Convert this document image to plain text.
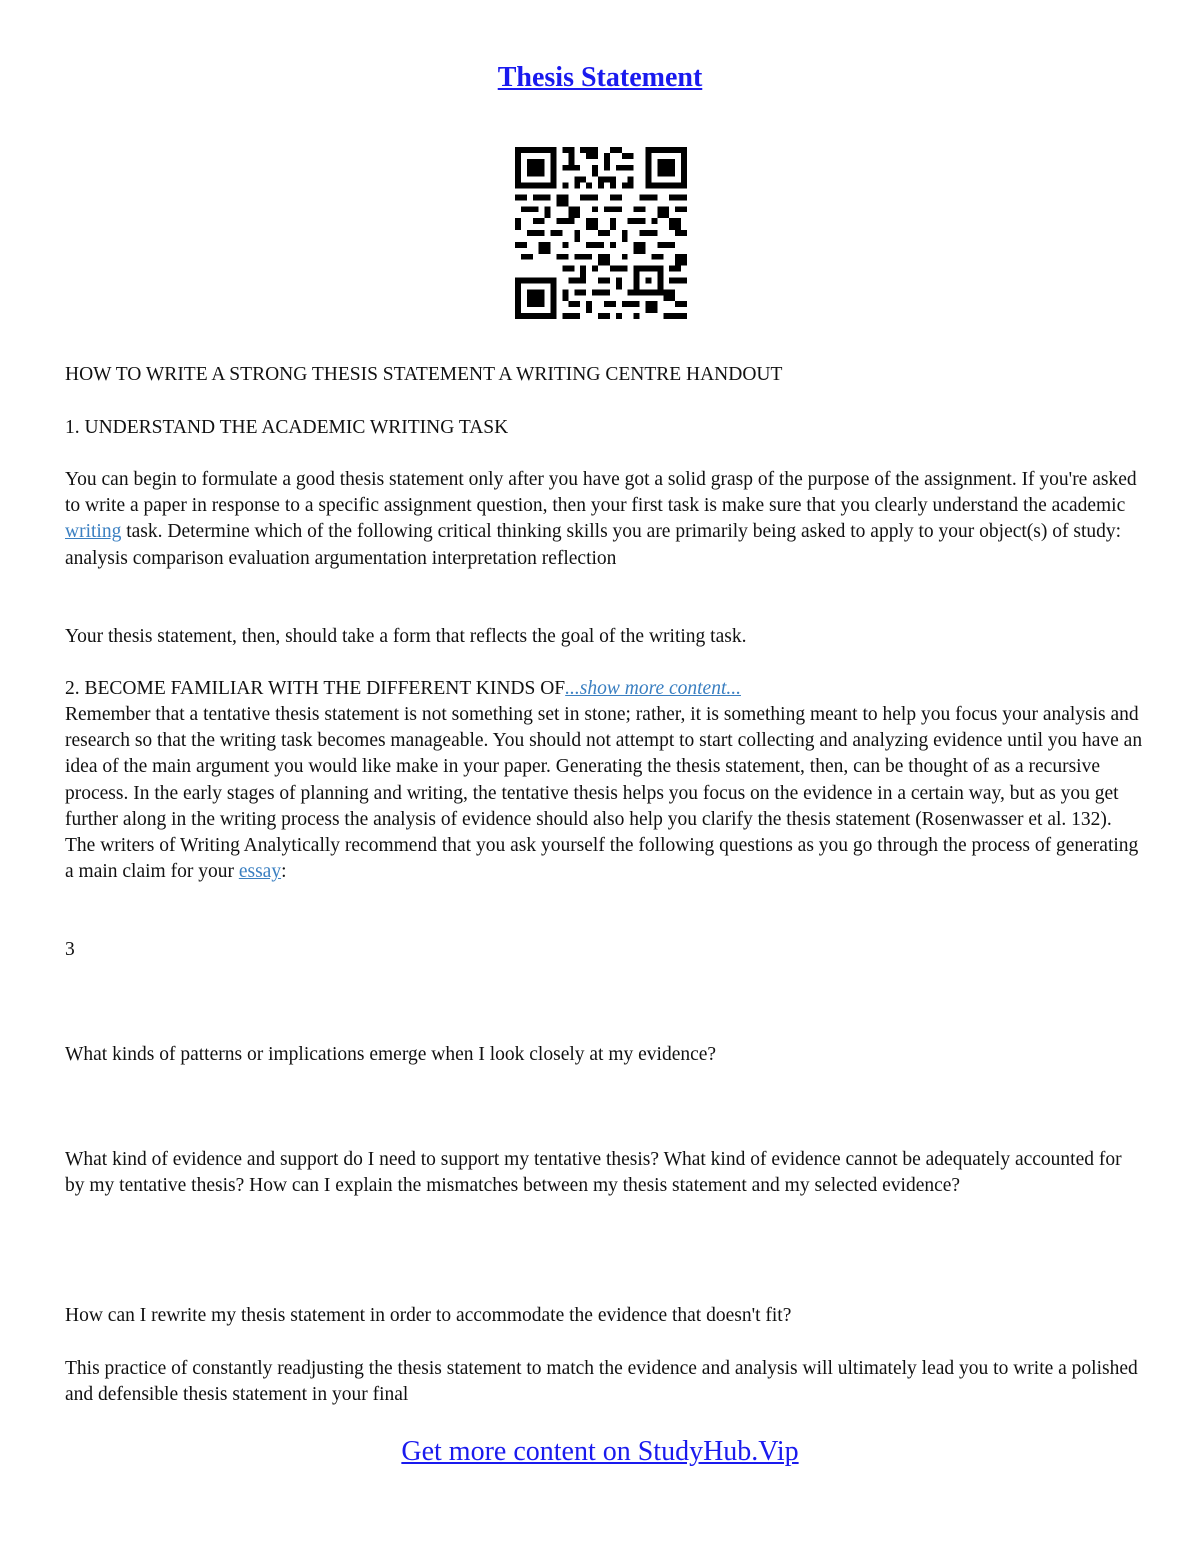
Thesis Statement

HOW TO WRITE A STRONG THESIS STATEMENT A WRITING CENTRE HANDOUT

1. UNDERSTAND THE ACADEMIC WRITING TASK

You can begin to formulate a good thesis statement only after you have got a solid grasp of the purpose of the assignment. If you're asked to write a paper in response to a specific assignment question, then your first task is make sure that you clearly understand the academic writing task. Determine which of the following critical thinking skills you are primarily being asked to apply to your object(s) of study: analysis comparison evaluation argumentation interpretation reflection

Your thesis statement, then, should take a form that reflects the goal of the writing task.

2. BECOME FAMILIAR WITH THE DIFFERENT KINDS OF...show more content...

Remember that a tentative thesis statement is not something set in stone; rather, it is something meant to help you focus your analysis and research so that the writing task becomes manageable. You should not attempt to start collecting and analyzing evidence until you have an idea of the main argument you would like make in your paper. Generating the thesis statement, then, can be thought of as a recursive process. In the early stages of planning and writing, the tentative thesis helps you focus on the evidence in a certain way, but as you get further along in the writing process the analysis of evidence should also help you clarify the thesis statement (Rosenwasser et al. 132). The writers of Writing Analytically recommend that you ask yourself the following questions as you go through the process of generating a main claim for your essay:

3

What kinds of patterns or implications emerge when I look closely at my evidence?

What kind of evidence and support do I need to support my tentative thesis? What kind of evidence cannot be adequately accounted for by my tentative thesis? How can I explain the mismatches between my thesis statement and my selected evidence?

How can I rewrite my thesis statement in order to accommodate the evidence that doesn't fit?

This practice of constantly readjusting the thesis statement to match the evidence and analysis will ultimately lead you to write a polished and defensible thesis statement in your final

Get more content on StudyHub.Vip
